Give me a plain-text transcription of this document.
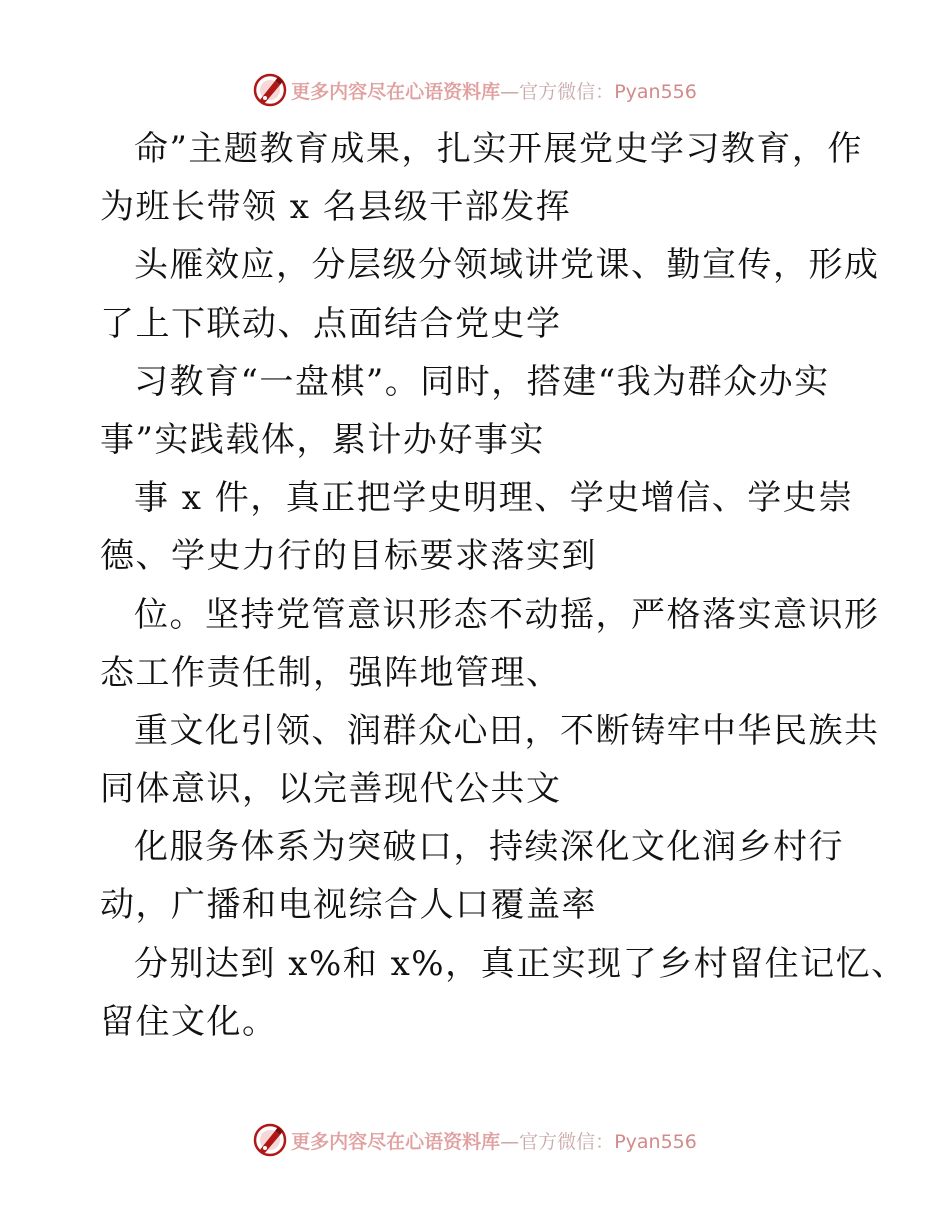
更多内容尽在心语资料库—官方微信：Pyan556
命”主题教育成果，扎实开展党史学习教育，作
为班长带领 x 名县级干部发挥
头雁效应，分层级分领域讲党课、勤宣传，形成
了上下联动、点面结合党史学
习教育“一盘棋”。同时，搭建“我为群众办实
事”实践载体，累计办好事实
事 x 件，真正把学史明理、学史增信、学史崇
德、学史力行的目标要求落实到
位。坚持党管意识形态不动摇，严格落实意识形
态工作责任制，强阵地管理、
重文化引领、润群众心田，不断铸牢中华民族共
同体意识，以完善现代公共文
化服务体系为突破口，持续深化文化润乡村行
动，广播和电视综合人口覆盖率
分别达到 x%和 x%，真正实现了乡村留住记忆、
留住文化。
更多内容尽在心语资料库—官方微信：Pyan556
